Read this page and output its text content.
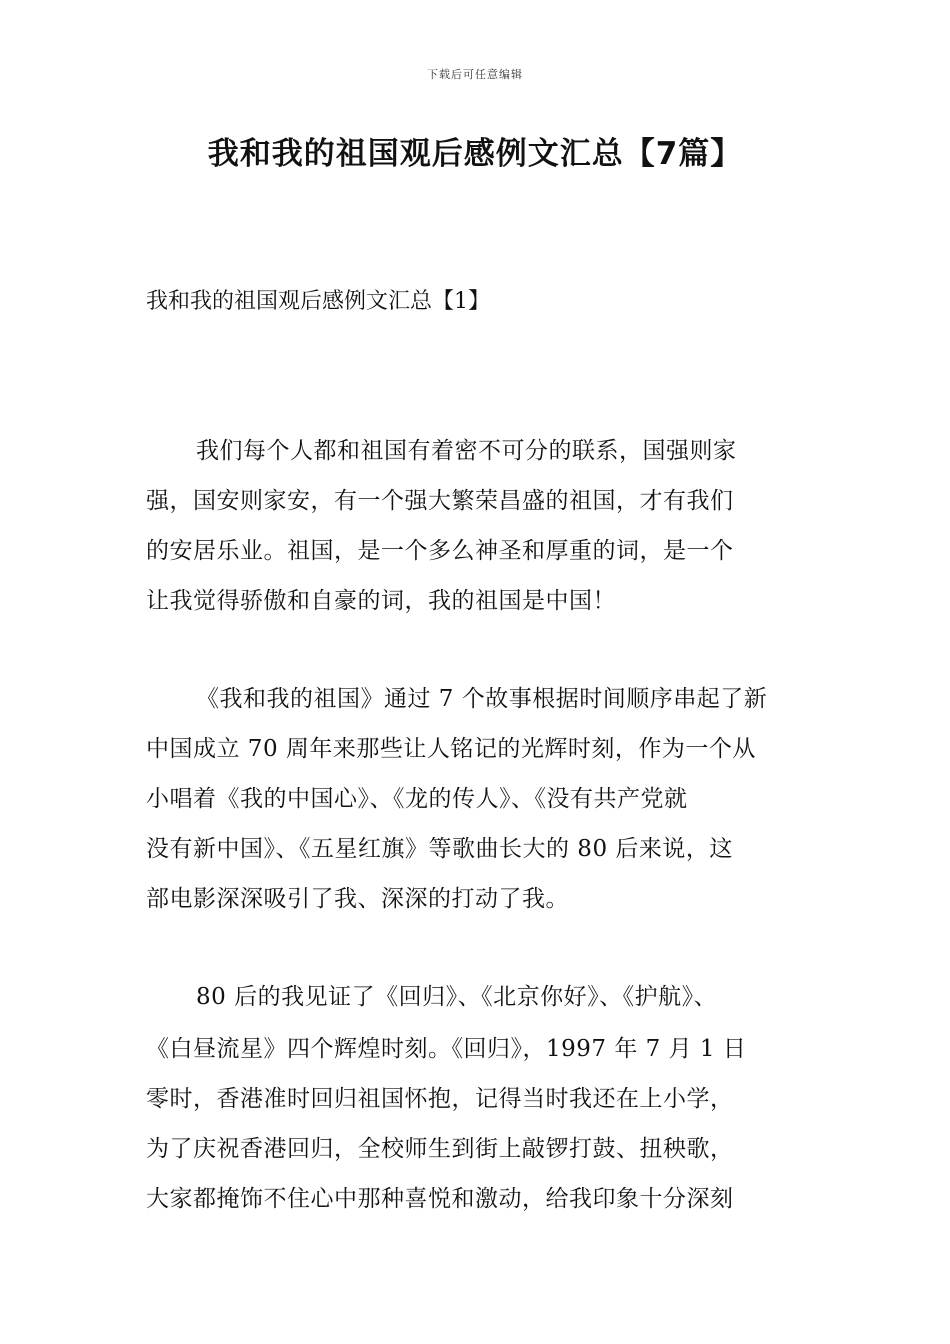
下载后可任意编辑
我和我的祖国观后感例文汇总【7篇】

我和我的祖国观后感例文汇总【1】

我们每个人都和祖国有着密不可分的联系，国强则家

强，国安则家安，有一个强大繁荣昌盛的祖国，才有我们

的安居乐业。祖国，是一个多么神圣和厚重的词，是一个

让我觉得骄傲和自豪的词，我的祖国是中国！

《我和我的祖国》通过 7 个故事根据时间顺序串起了新

中国成立 70 周年来那些让人铭记的光辉时刻，作为一个从

小唱着《我的中国心》、《龙的传人》、《没有共产党就

没有新中国》、《五星红旗》等歌曲长大的 80 后来说，这

部电影深深吸引了我、深深的打动了我。

80 后的我见证了《回归》、《北京你好》、《护航》、

《白昼流星》四个辉煌时刻。《回归》，1997 年 7 月 1 日

零时，香港准时回归祖国怀抱，记得当时我还在上小学，

为了庆祝香港回归，全校师生到街上敲锣打鼓、扭秧歌，

大家都掩饰不住心中那种喜悦和激动，给我印象十分深刻
